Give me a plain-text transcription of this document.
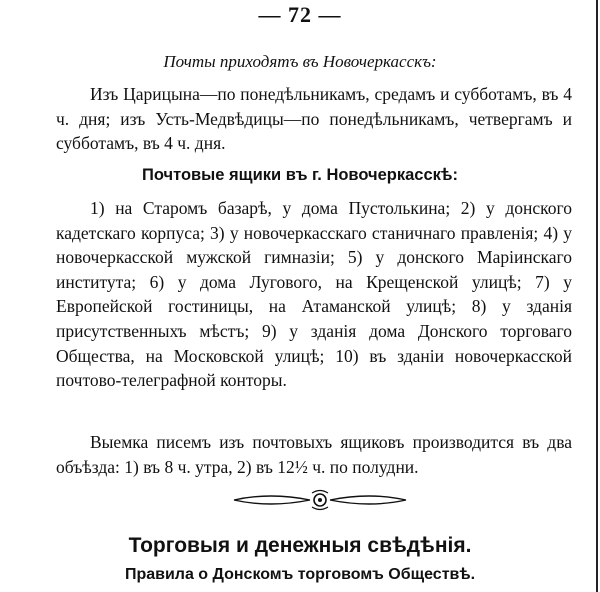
— 72 —
Почты приходятъ въ Новочеркасскъ:

Изъ Царицына—по понедѣльникамъ, средамъ и субботамъ, въ 4 ч. дня; изъ Усть-Медвѣдицы—по понедѣльникамъ, четвергамъ и субботамъ, въ 4 ч. дня.

Почтовые ящики въ г. Новочеркасскѣ:

1) на Старомъ базарѣ, у дома Пустолькина; 2) у донского кадетскаго корпуса; 3) у новочеркасскаго станичнаго правленія; 4) у новочеркасской мужской гимназіи; 5) у донского Маріинскаго института; 6) у дома Лугового, на Крещенской улицѣ; 7) у Европейской гостиницы, на Атаманской улицѣ; 8) у зданія присутственныхъ мѣстъ; 9) у зданія дома Донского торговаго Общества, на Московской улицѣ; 10) въ зданіи новочеркасской почтово-телеграфной конторы.

Выемка писемъ изъ почтовыхъ ящиковъ производится въ два объѣзда: 1) въ 8 ч. утра, 2) въ 12½ ч. по полудни.

Торговыя и денежныя свѣдѣнія.
Правила о Донскомъ торговомъ Обществѣ.
